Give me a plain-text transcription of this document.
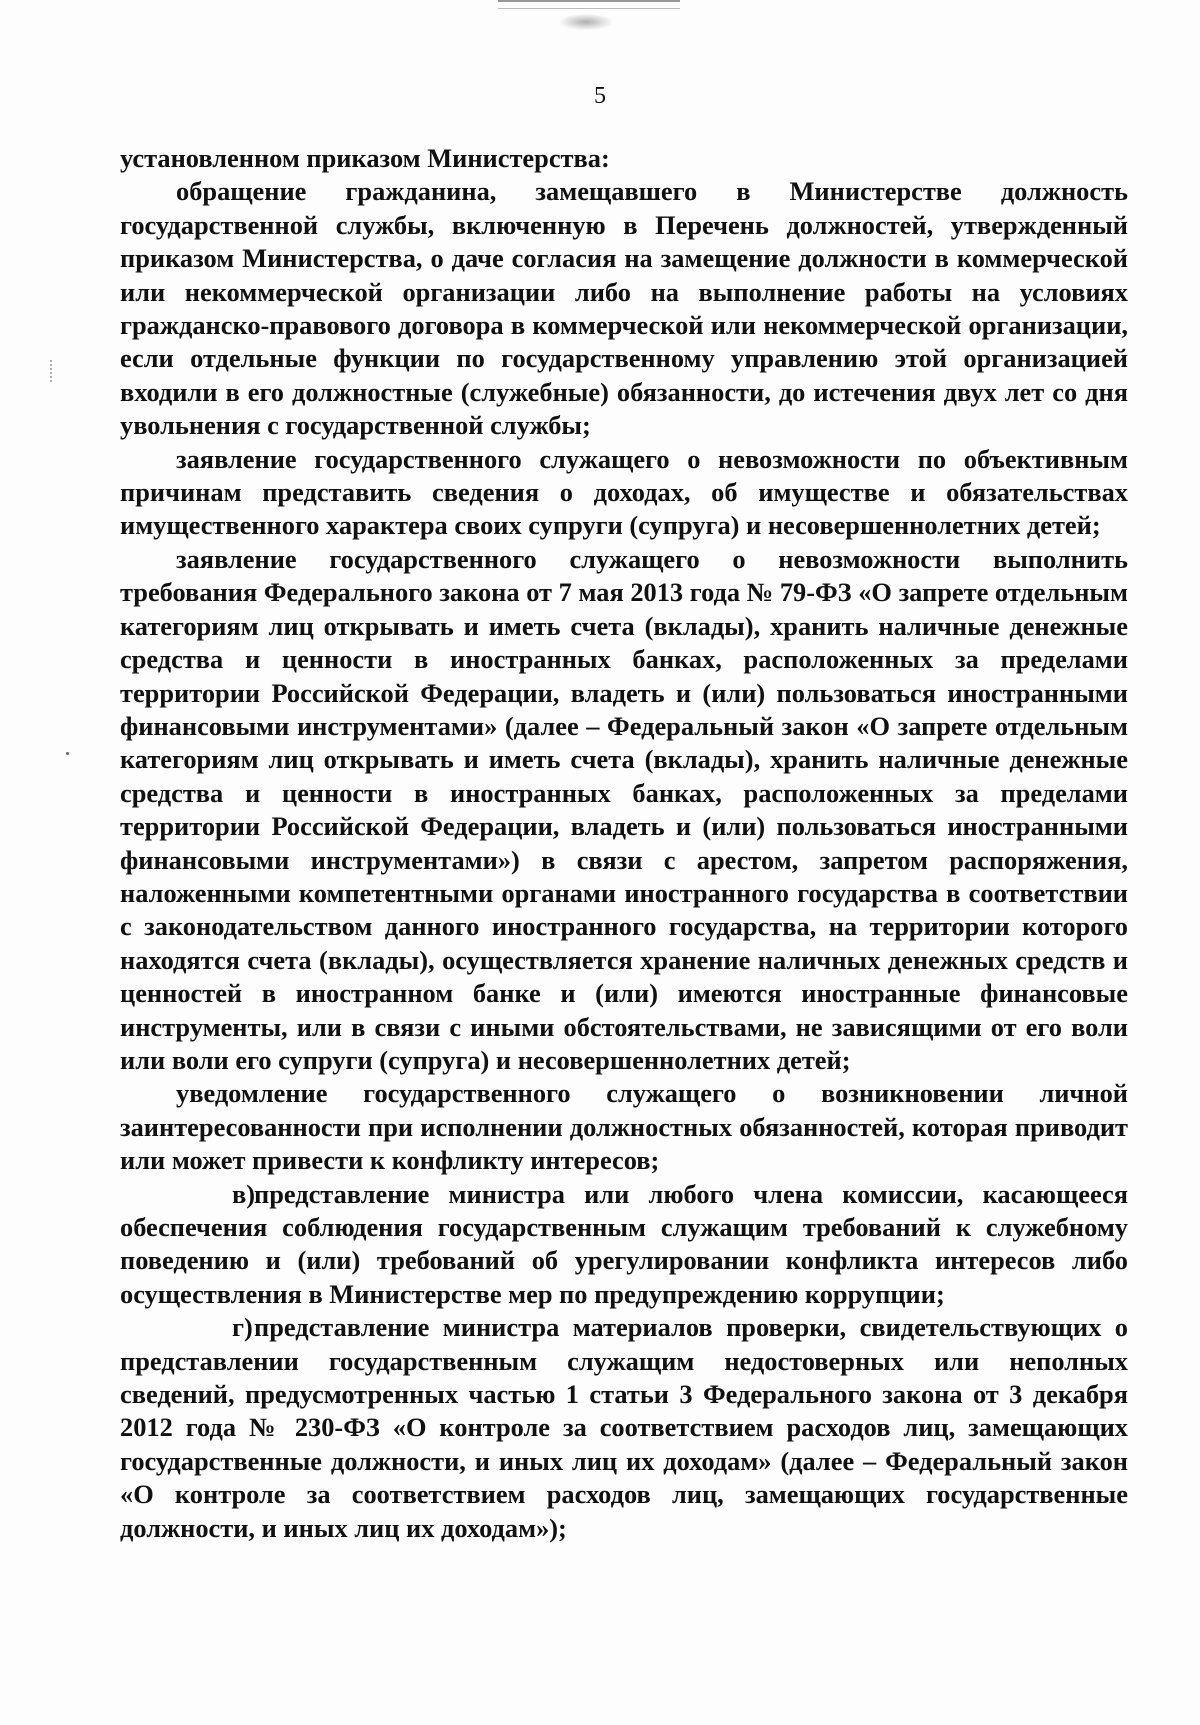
5

установленном приказом Министерства:

обращение гражданина, замещавшего в Министерстве должность государственной службы, включенную в Перечень должностей, утвержденный приказом Министерства, о даче согласия на замещение должности в коммерческой или некоммерческой организации либо на выполнение работы на условиях гражданско-правового договора в коммерческой или некоммерческой организации, если отдельные функции по государственному управлению этой организацией входили в его должностные (служебные) обязанности, до истечения двух лет со дня увольнения с государственной службы;

заявление государственного служащего о невозможности по объективным причинам представить сведения о доходах, об имуществе и обязательствах имущественного характера своих супруги (супруга) и несовершеннолетних детей;

заявление государственного служащего о невозможности выполнить требования Федерального закона от 7 мая 2013 года № 79-ФЗ «О запрете отдельным категориям лиц открывать и иметь счета (вклады), хранить наличные денежные средства и ценности в иностранных банках, расположенных за пределами территории Российской Федерации, владеть и (или) пользоваться иностранными финансовыми инструментами» (далее – Федеральный закон «О запрете отдельным категориям лиц открывать и иметь счета (вклады), хранить наличные денежные средства и ценности в иностранных банках, расположенных за пределами территории Российской Федерации, владеть и (или) пользоваться иностранными финансовыми инструментами») в связи с арестом, запретом распоряжения, наложенными компетентными органами иностранного государства в соответствии с законодательством данного иностранного государства, на территории которого находятся счета (вклады), осуществляется хранение наличных денежных средств и ценностей в иностранном банке и (или) имеются иностранные финансовые инструменты, или в связи с иными обстоятельствами, не зависящими от его воли или воли его супруги (супруга) и несовершеннолетних детей;

уведомление государственного служащего о возникновении личной заинтересованности при исполнении должностных обязанностей, которая приводит или может привести к конфликту интересов;

в)представление министра или любого члена комиссии, касающееся обеспечения соблюдения государственным служащим требований к служебному поведению и (или) требований об урегулировании конфликта интересов либо осуществления в Министерстве мер по предупреждению коррупции;

г)представление министра материалов проверки, свидетельствующих о представлении государственным служащим недостоверных или неполных сведений, предусмотренных частью 1 статьи 3 Федерального закона от 3 декабря 2012 года № 230-ФЗ «О контроле за соответствием расходов лиц, замещающих государственные должности, и иных лиц их доходам» (далее – Федеральный закон «О контроле за соответствием расходов лиц, замещающих государственные должности, и иных лиц их доходам»);
